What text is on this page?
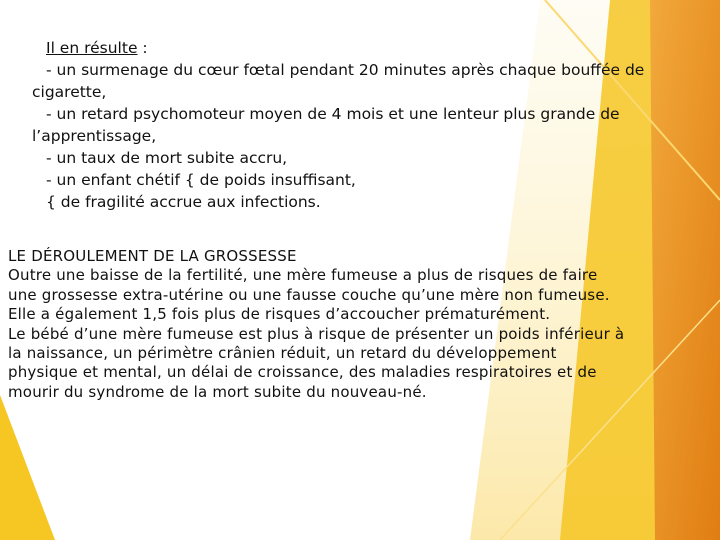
Il en résulte :
- un surmenage du cœur fœtal pendant 20 minutes après chaque bouffée de
cigarette,
- un retard psychomoteur moyen de 4 mois et une lenteur plus grande de
l’apprentissage,
- un taux de mort subite accru,
- un enfant chétif { de poids insuffisant,
{ de fragilité accrue aux infections.
LE DÉROULEMENT DE LA GROSSESSE
Outre une baisse de la fertilité, une mère fumeuse a plus de risques de faire
une grossesse extra-utérine ou une fausse couche qu’une mère non fumeuse.
Elle a également 1,5 fois plus de risques d’accoucher prématurément.
Le bébé d’une mère fumeuse est plus à risque de présenter un poids inférieur à
la naissance, un périmètre crânien réduit, un retard du développement
physique et mental, un délai de croissance, des maladies respiratoires et de
mourir du syndrome de la mort subite du nouveau-né.
